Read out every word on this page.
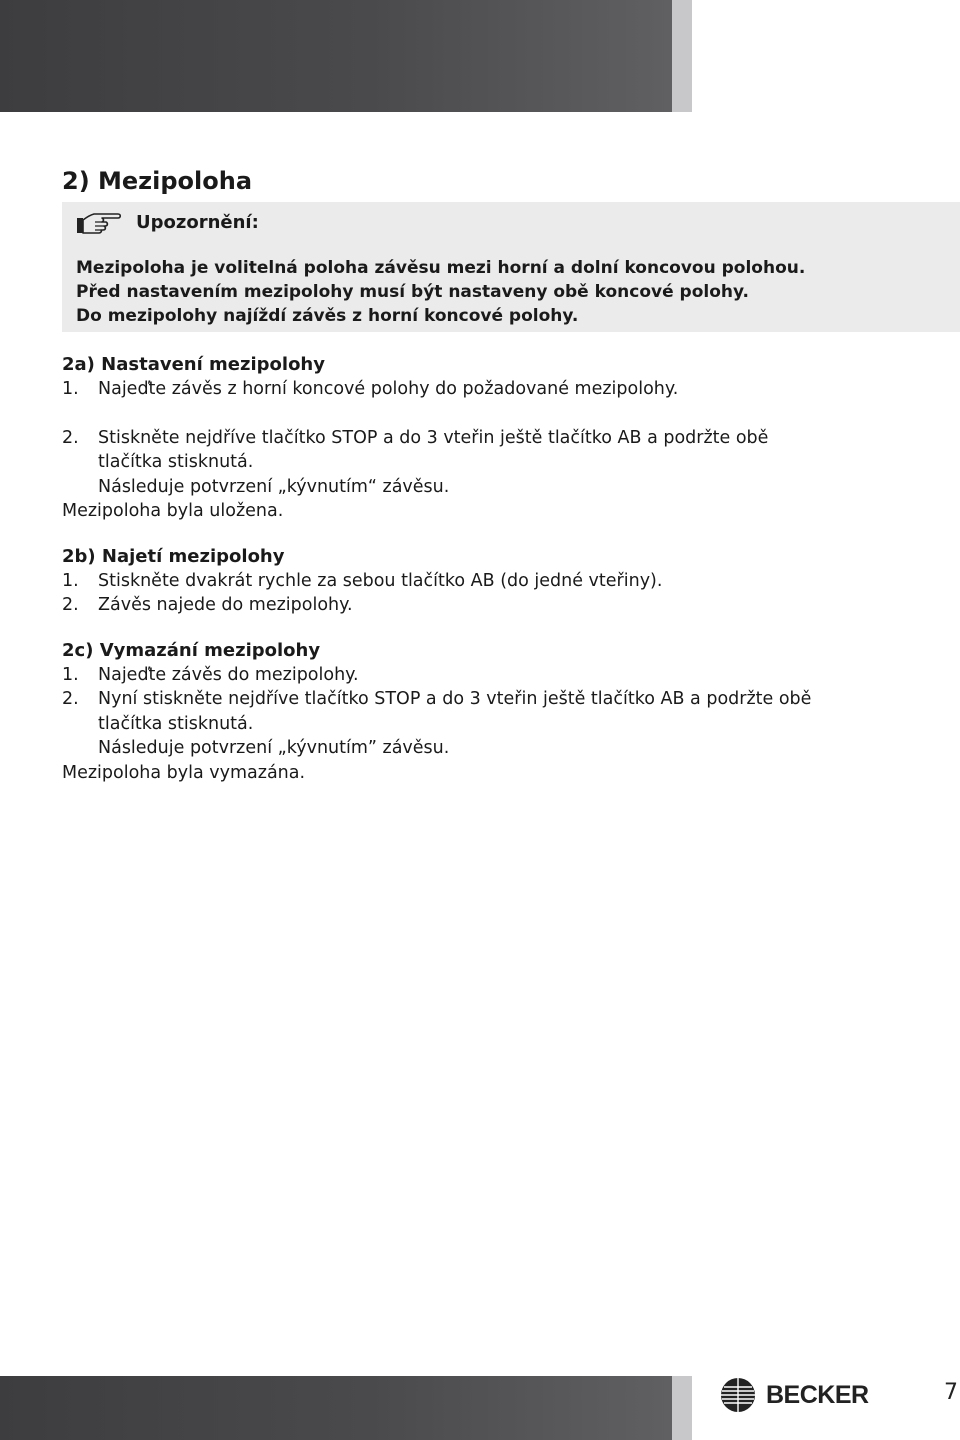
2) Mezipoloha
Upozornění:
Mezipoloha je volitelná poloha závěsu mezi horní a dolní koncovou polohou.
Před nastavením mezipolohy musí být nastaveny obě koncové polohy.
Do mezipolohy najíždí závěs z horní koncové polohy.
2a) Nastavení mezipolohy
1. Najeďte závěs z horní koncové polohy do požadované mezipolohy.
2. Stiskněte nejdříve tlačítko STOP a do 3 vteřin ještě tlačítko AB a podržte obě
tlačítka stisknutá.
Následuje potvrzení „kývnutím“ závěsu.
Mezipoloha byla uložena.
2b) Najetí mezipolohy
1. Stiskněte dvakrát rychle za sebou tlačítko AB (do jedné vteřiny).
2. Závěs najede do mezipolohy.
2c) Vymazání mezipolohy
1. Najeďte závěs do mezipolohy.
2. Nyní stiskněte nejdříve tlačítko STOP a do 3 vteřin ještě tlačítko AB a podržte obě
tlačítka stisknutá.
Následuje potvrzení „kývnutím” závěsu.
Mezipoloha byla vymazána.
BECKER	7
